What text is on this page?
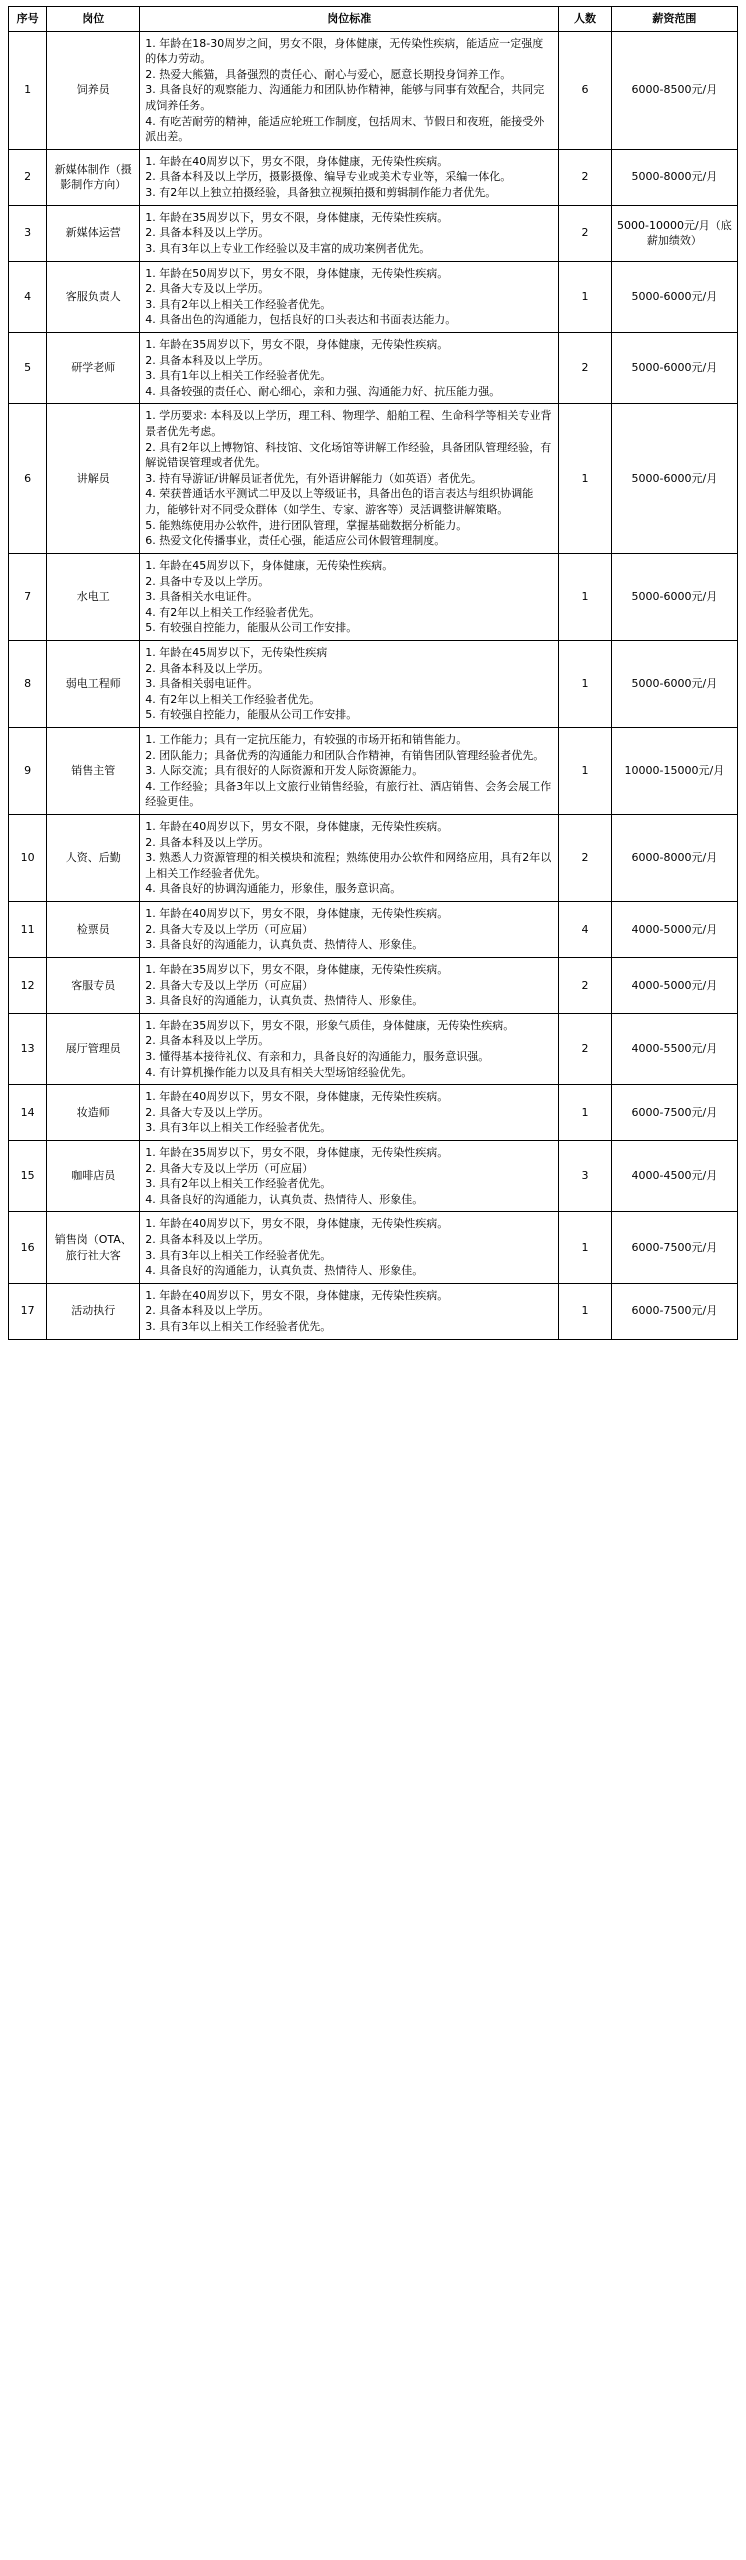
序号	岗位	岗位标准	人数	薪资范围
1	饲养员	1. 年龄在18-30周岁之间，男女不限，身体健康，无传染性疾病，能适应一定强度的体力劳动。
2. 热爱大熊猫，具备强烈的责任心、耐心与爱心，愿意长期投身饲养工作。
3. 具备良好的观察能力、沟通能力和团队协作精神，能够与同事有效配合，共同完成饲养任务。
4. 有吃苦耐劳的精神，能适应轮班工作制度，包括周末、节假日和夜班，能接受外派出差。	6	6000-8500元/月
2	新媒体制作（摄影制作方向）	1. 年龄在40周岁以下，男女不限，身体健康，无传染性疾病。
2. 具备本科及以上学历，摄影摄像、编导专业或美术专业等，采编一体化。
3. 有2年以上独立拍摄经验，具备独立视频拍摄和剪辑制作能力者优先。	2	5000-8000元/月
3	新媒体运营	1. 年龄在35周岁以下，男女不限，身体健康，无传染性疾病。
2. 具备本科及以上学历。
3. 具有3年以上专业工作经验以及丰富的成功案例者优先。	2	5000-10000元/月（底薪加绩效）
4	客服负责人	1. 年龄在50周岁以下，男女不限，身体健康，无传染性疾病。
2. 具备大专及以上学历。
3. 具有2年以上相关工作经验者优先。
4. 具备出色的沟通能力，包括良好的口头表达和书面表达能力。	1	5000-6000元/月
5	研学老师	1. 年龄在35周岁以下，男女不限，身体健康，无传染性疾病。
2. 具备本科及以上学历。
3. 具有1年以上相关工作经验者优先。
4. 具备较强的责任心、耐心细心，亲和力强、沟通能力好、抗压能力强。	2	5000-6000元/月
6	讲解员	
1. 学历要求: 本科及以上学历，理工科、物理学、船舶工程、生命科学等相关专业背景者优先考虑。
2. 具有2年以上博物馆、科技馆、文化场馆等讲解工作经验，具备团队管理经验，有解说错误管理或者优先。
3. 持有导游证/讲解员证者优先，有外语讲解能力（如英语）者优先。
4. 荣获普通话水平测试二甲及以上等级证书，具备出色的语言表达与组织协调能力，能够针对不同受众群体（如学生、专家、游客等）灵活调整讲解策略。
5. 能熟练使用办公软件，进行团队管理，掌握基础数据分析能力。
6. 热爱文化传播事业，责任心强，能适应公司休假管理制度。
	1	5000-6000元/月
7	水电工	1. 年龄在45周岁以下，身体健康，无传染性疾病。
2. 具备中专及以上学历。
3. 具备相关水电证件。
4. 有2年以上相关工作经验者优先。
5. 有较强自控能力，能服从公司工作安排。	1	5000-6000元/月
8	弱电工程师	1. 年龄在45周岁以下，无传染性疾病
2. 具备本科及以上学历。
3. 具备相关弱电证件。
4. 有2年以上相关工作经验者优先。
5. 有较强自控能力，能服从公司工作安排。	1	5000-6000元/月
9	销售主管	1. 工作能力；具有一定抗压能力，有较强的市场开拓和销售能力。
2. 团队能力；具备优秀的沟通能力和团队合作精神，有销售团队管理经验者优先。
3. 人际交流；具有很好的人际资源和开发人际资源能力。
4. 工作经验；具备3年以上文旅行业销售经验，有旅行社、酒店销售、会务会展工作经验更佳。	1	10000-15000元/月
10	人资、后勤	1. 年龄在40周岁以下，男女不限，身体健康，无传染性疾病。
2. 具备本科及以上学历。
3. 熟悉人力资源管理的相关模块和流程；熟练使用办公软件和网络应用，具有2年以上相关工作经验者优先。
4. 具备良好的协调沟通能力，形象佳，服务意识高。	2	6000-8000元/月
11	检票员	1. 年龄在40周岁以下，男女不限，身体健康，无传染性疾病。
2. 具备大专及以上学历（可应届）
3. 具备良好的沟通能力，认真负责、热情待人、形象佳。	4	4000-5000元/月
12	客服专员	1. 年龄在35周岁以下，男女不限，身体健康，无传染性疾病。
2. 具备大专及以上学历（可应届）
3. 具备良好的沟通能力，认真负责、热情待人、形象佳。	2	4000-5000元/月
13	展厅管理员	1. 年龄在35周岁以下，男女不限，形象气质佳，身体健康，无传染性疾病。
2. 具备本科及以上学历。
3. 懂得基本接待礼仪、有亲和力，具备良好的沟通能力，服务意识强。
4. 有计算机操作能力以及具有相关大型场馆经验优先。	2	4000-5500元/月
14	妆造师	1. 年龄在40周岁以下，男女不限，身体健康，无传染性疾病。
2. 具备大专及以上学历。
3. 具有3年以上相关工作经验者优先。	1	6000-7500元/月
15	咖啡店员	1. 年龄在35周岁以下，男女不限，身体健康，无传染性疾病。
2. 具备大专及以上学历（可应届）
3. 具有2年以上相关工作经验者优先。
4. 具备良好的沟通能力，认真负责、热情待人、形象佳。	3	4000-4500元/月
16	销售岗（OTA、旅行社大客	1. 年龄在40周岁以下，男女不限，身体健康，无传染性疾病。
2. 具备本科及以上学历。
3. 具有3年以上相关工作经验者优先。
4. 具备良好的沟通能力，认真负责、热情待人、形象佳。	1	6000-7500元/月
17	活动执行	1. 年龄在40周岁以下，男女不限，身体健康，无传染性疾病。
2. 具备本科及以上学历。
3. 具有3年以上相关工作经验者优先。	1	6000-7500元/月
